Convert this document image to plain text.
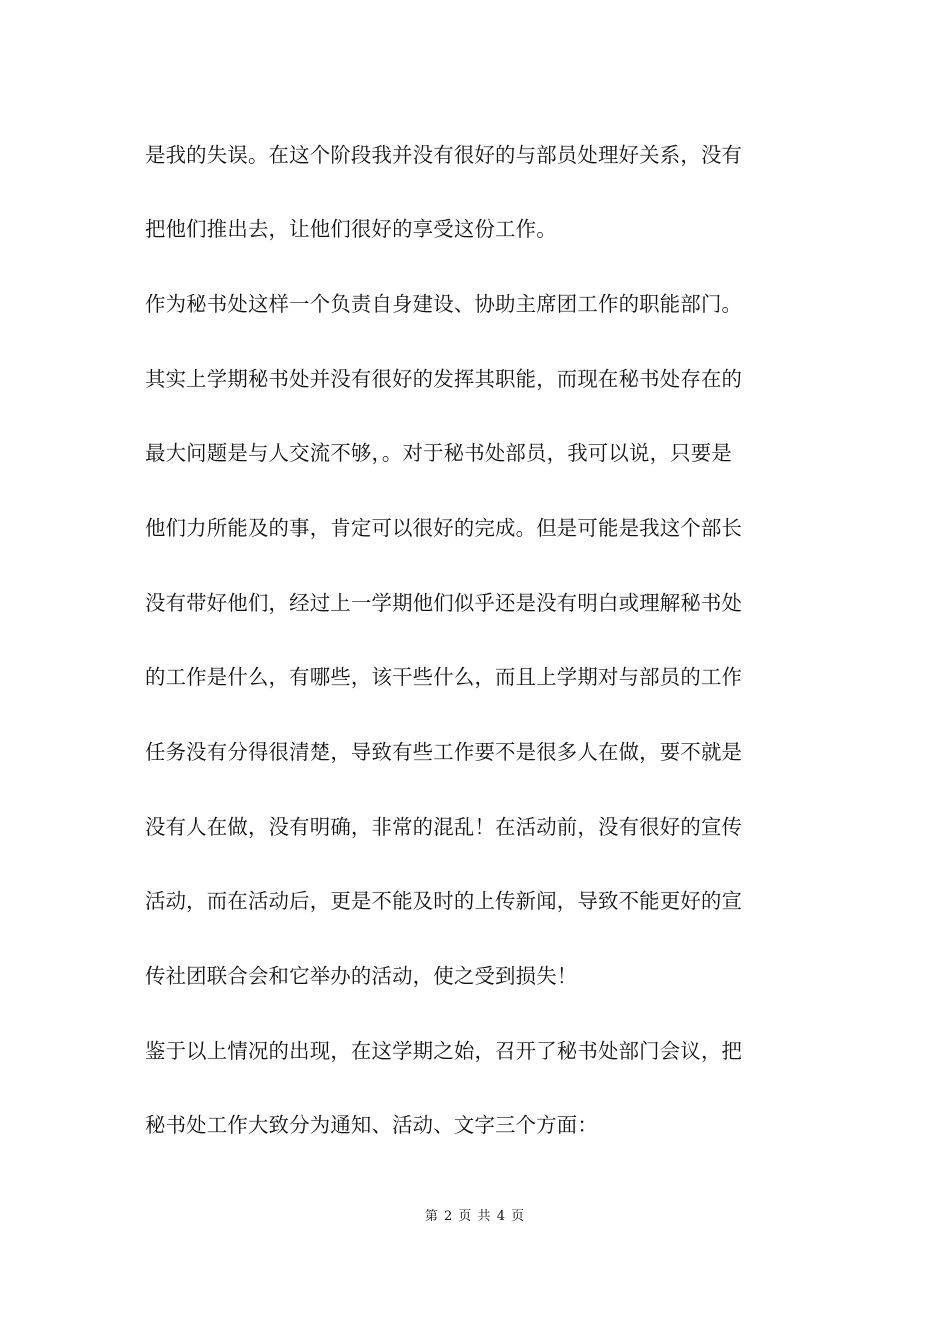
是我的失误。在这个阶段我并没有很好的与部员处理好关系，没有
把他们推出去，让他们很好的享受这份工作。
作为秘书处这样一个负责自身建设、协助主席团工作的职能部门。
其实上学期秘书处并没有很好的发挥其职能，而现在秘书处存在的
最大问题是与人交流不够，。对于秘书处部员，我可以说，只要是
他们力所能及的事，肯定可以很好的完成。但是可能是我这个部长
没有带好他们，经过上一学期他们似乎还是没有明白或理解秘书处
的工作是什么，有哪些，该干些什么，而且上学期对与部员的工作
任务没有分得很清楚，导致有些工作要不是很多人在做，要不就是
没有人在做，没有明确，非常的混乱！在活动前，没有很好的宣传
活动，而在活动后，更是不能及时的上传新闻，导致不能更好的宣
传社团联合会和它举办的活动，使之受到损失！
鉴于以上情况的出现，在这学期之始，召开了秘书处部门会议，把
秘书处工作大致分为通知、活动、文字三个方面：
第 2 页 共 4 页
